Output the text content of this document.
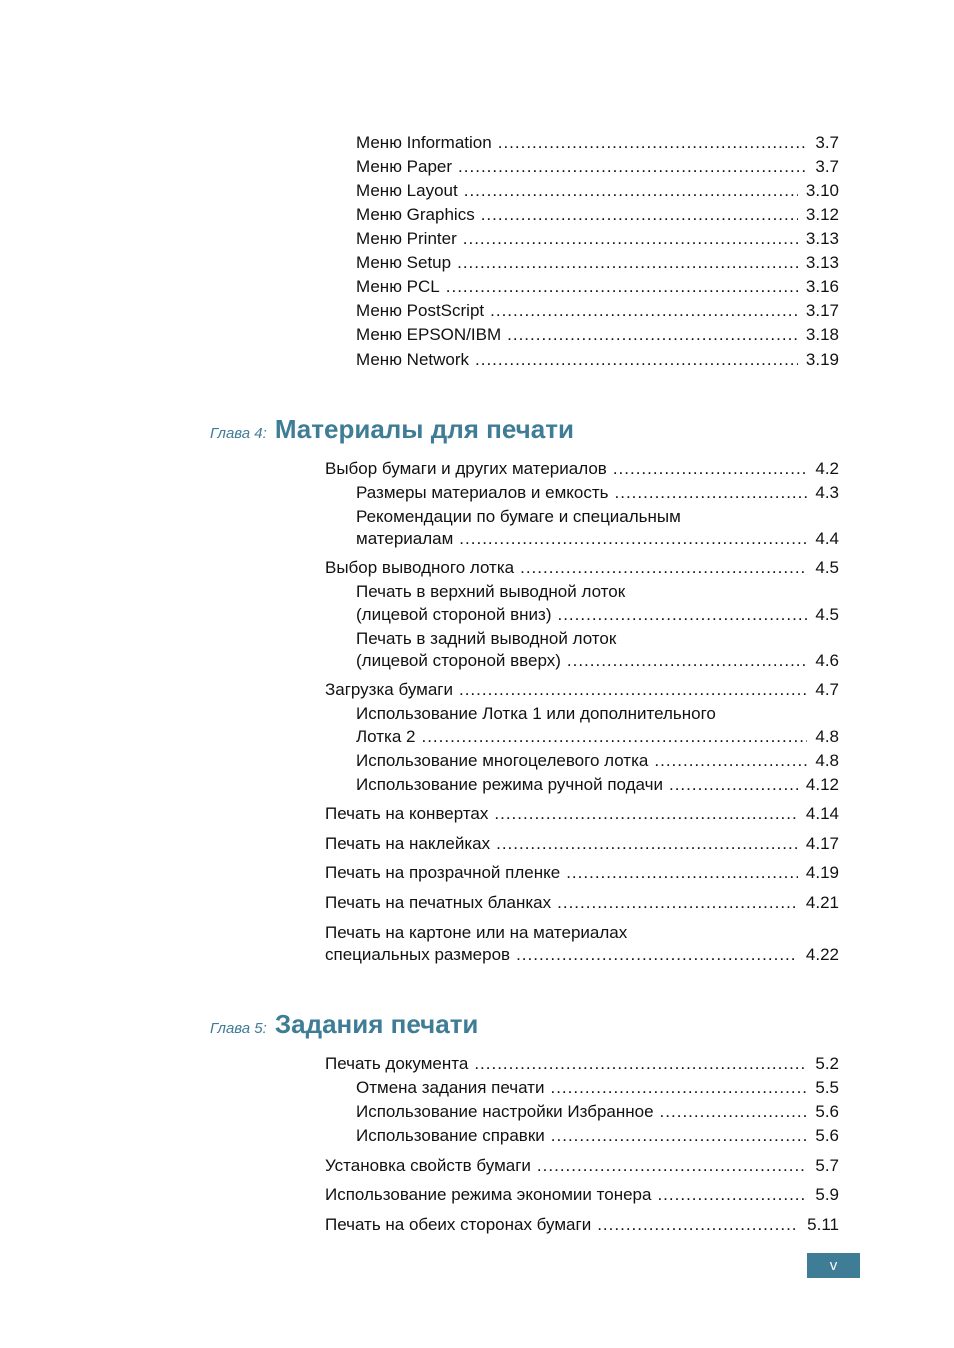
Меню Information .....	3.7
Меню Paper .....	3.7
Меню Layout .....	3.10
Меню Graphics .....	3.12
Меню Printer .....	3.13
Меню Setup .....	3.13
Меню PCL .....	3.16
Меню PostScript .....	3.17
Меню EPSON/IBM .....	3.18
Меню Network .....	3.19
Глава 4: Материалы для печати
Выбор бумаги и других материалов .....	4.2
Размеры материалов и емкость .....	4.3
Рекомендации по бумаге и специальным
материалам .....	4.4
Выбор выводного лотка .....	4.5
Печать в верхний выводной лоток
(лицевой стороной вниз) .....	4.5
Печать в задний выводной лоток
(лицевой стороной вверх) .....	4.6
Загрузка бумаги .....	4.7
Использование Лотка 1 или дополнительного
Лотка 2 .....	4.8
Использование многоцелевого лотка .....	4.8
Использование режима ручной подачи .....	4.12
Печать на конвертах .....	4.14
Печать на наклейках .....	4.17
Печать на прозрачной пленке .....	4.19
Печать на печатных бланках .....	4.21
Печать на картоне или на материалах
специальных размеров .....	4.22
Глава 5: Задания печати
Печать документа .....	5.2
Отмена задания печати .....	5.5
Использование настройки Избранное .....	5.6
Использование справки .....	5.6
Установка свойств бумаги .....	5.7
Использование режима экономии тонера .....	5.9
Печать на обеих сторонах бумаги .....	5.11
v
